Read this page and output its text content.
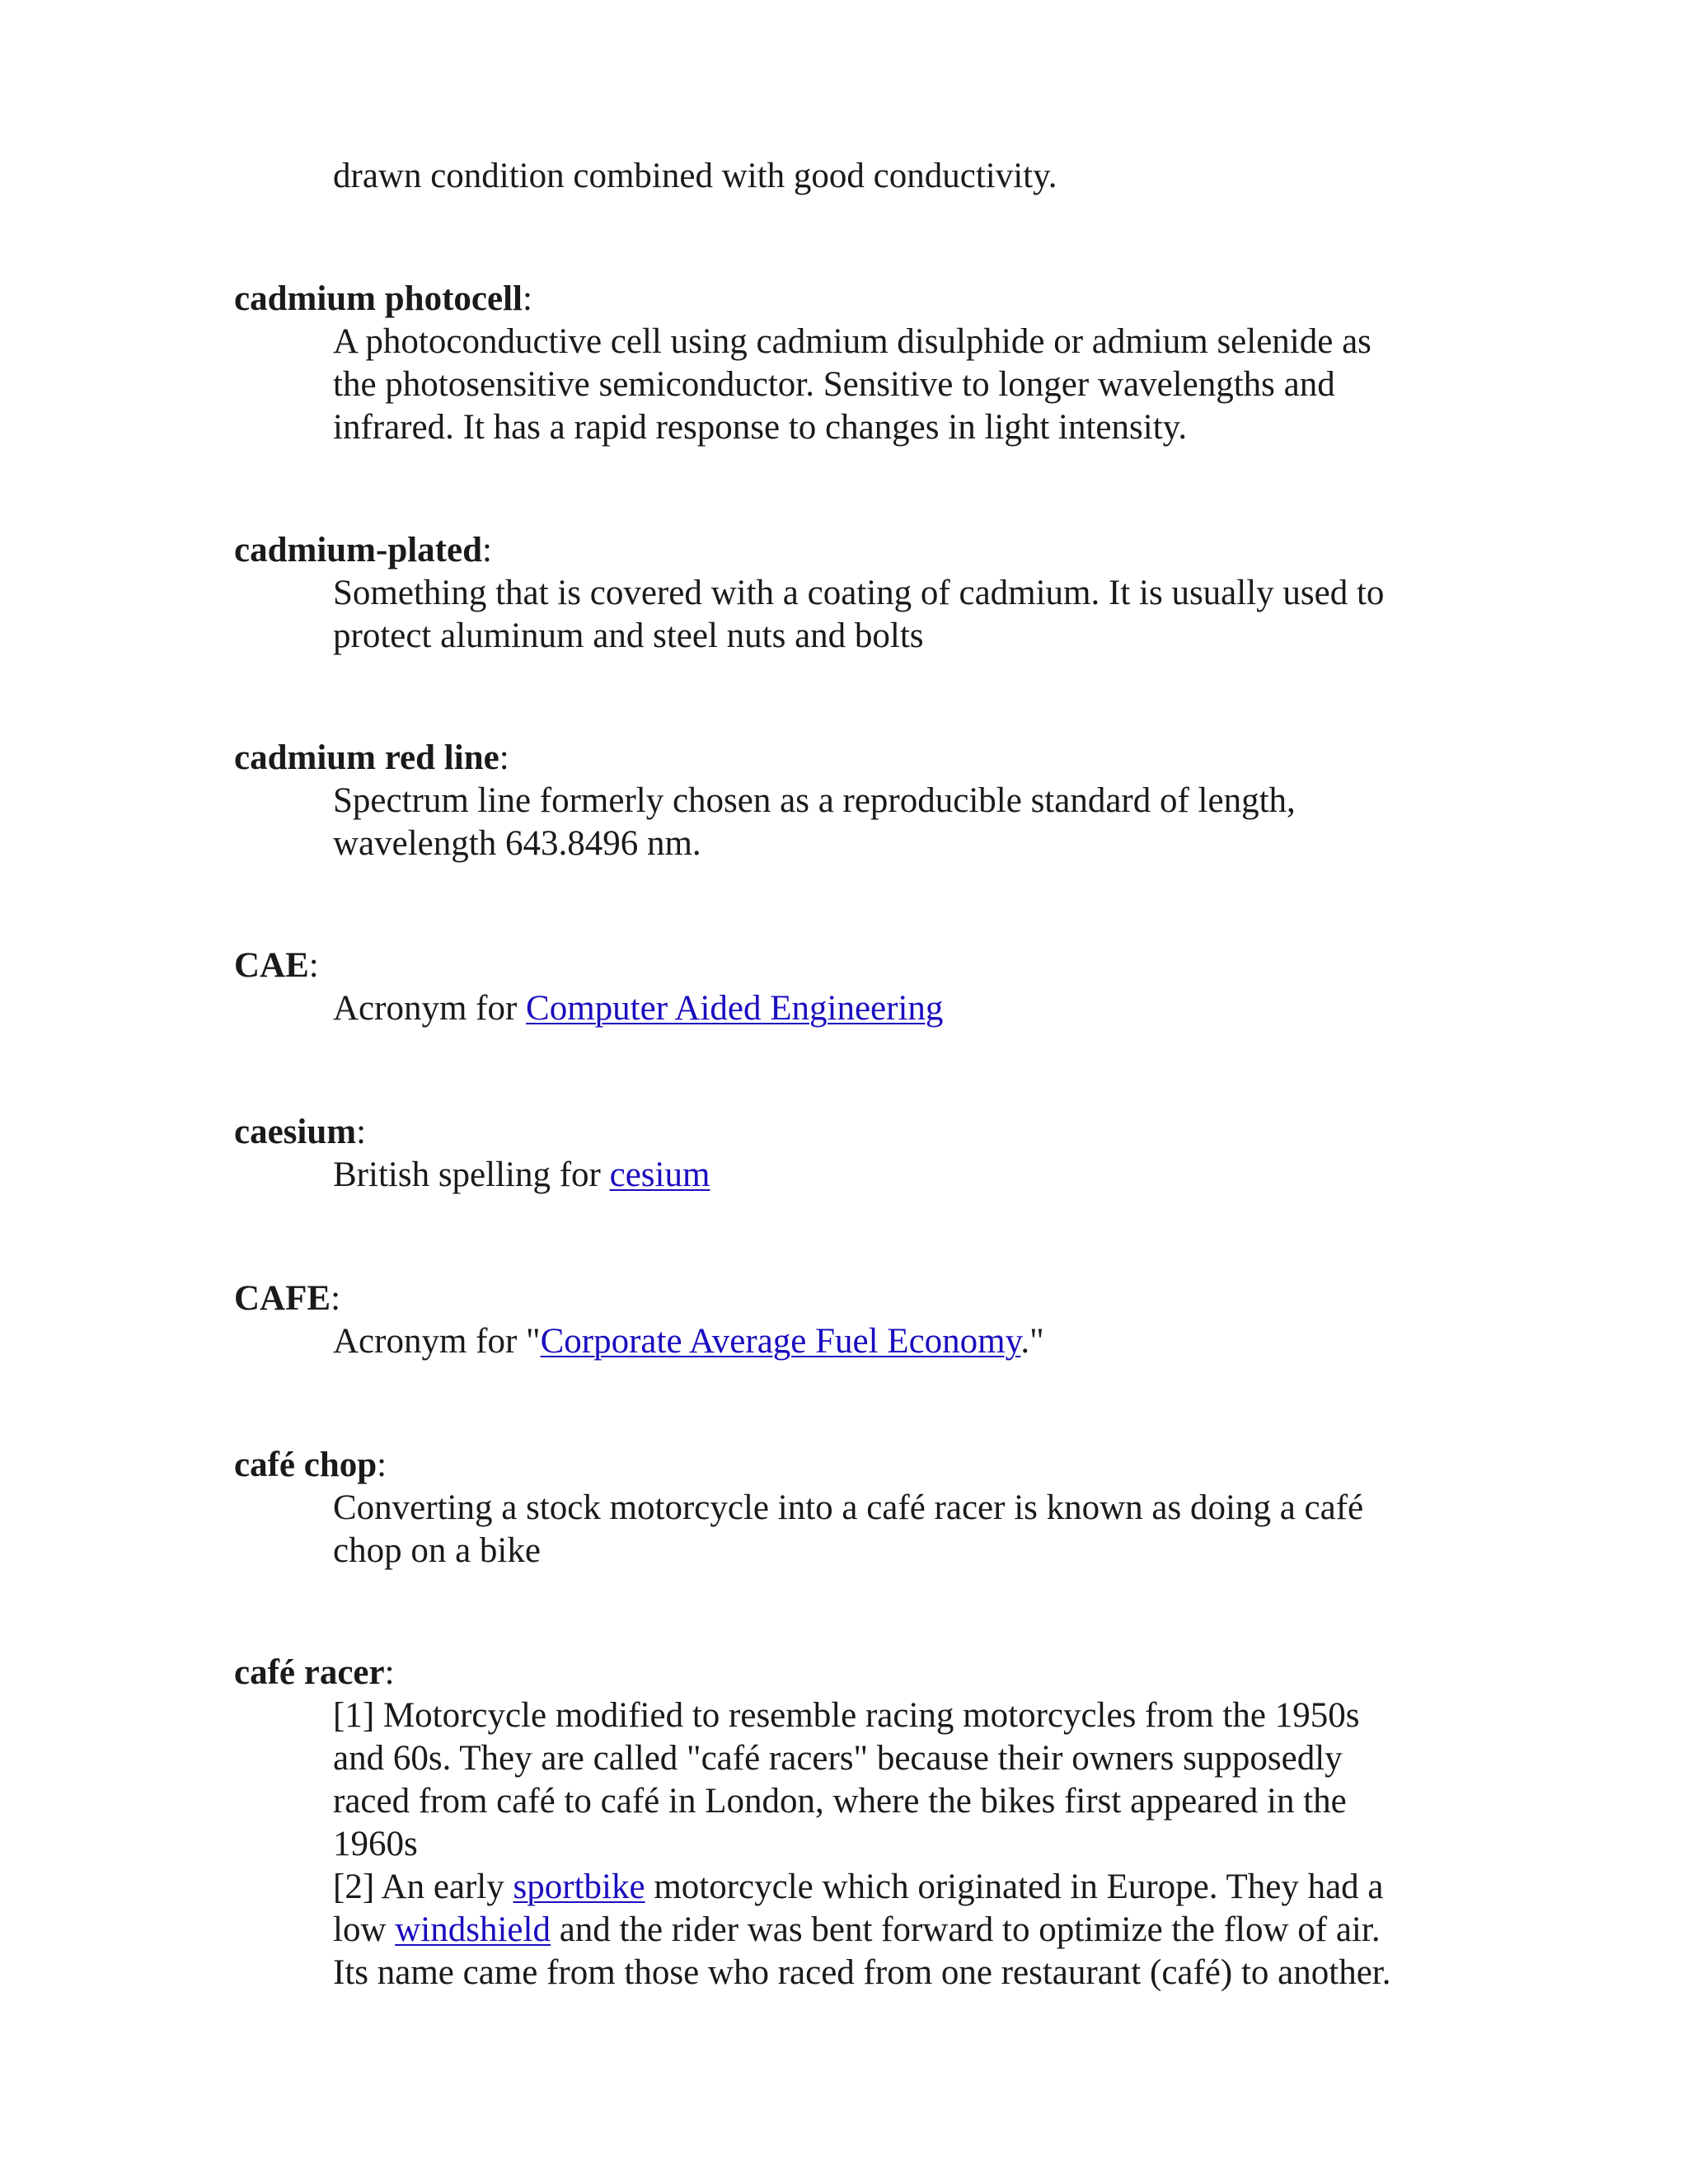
drawn condition combined with good conductivity.
cadmium photocell:
A photoconductive cell using cadmium disulphide or admium selenide as
the photosensitive semiconductor. Sensitive to longer wavelengths and
infrared. It has a rapid response to changes in light intensity.
cadmium-plated:
Something that is covered with a coating of cadmium. It is usually used to
protect aluminum and steel nuts and bolts
cadmium red line:
Spectrum line formerly chosen as a reproducible standard of length,
wavelength 643.8496 nm.
CAE:
Acronym for Computer Aided Engineering
caesium:
British spelling for cesium
CAFE:
Acronym for "Corporate Average Fuel Economy."
café chop:
Converting a stock motorcycle into a café racer is known as doing a café
chop on a bike
café racer:
[1] Motorcycle modified to resemble racing motorcycles from the 1950s
and 60s. They are called "café racers" because their owners supposedly
raced from café to café in London, where the bikes first appeared in the
1960s
[2] An early sportbike motorcycle which originated in Europe. They had a
low windshield and the rider was bent forward to optimize the flow of air.
Its name came from those who raced from one restaurant (café) to another.
